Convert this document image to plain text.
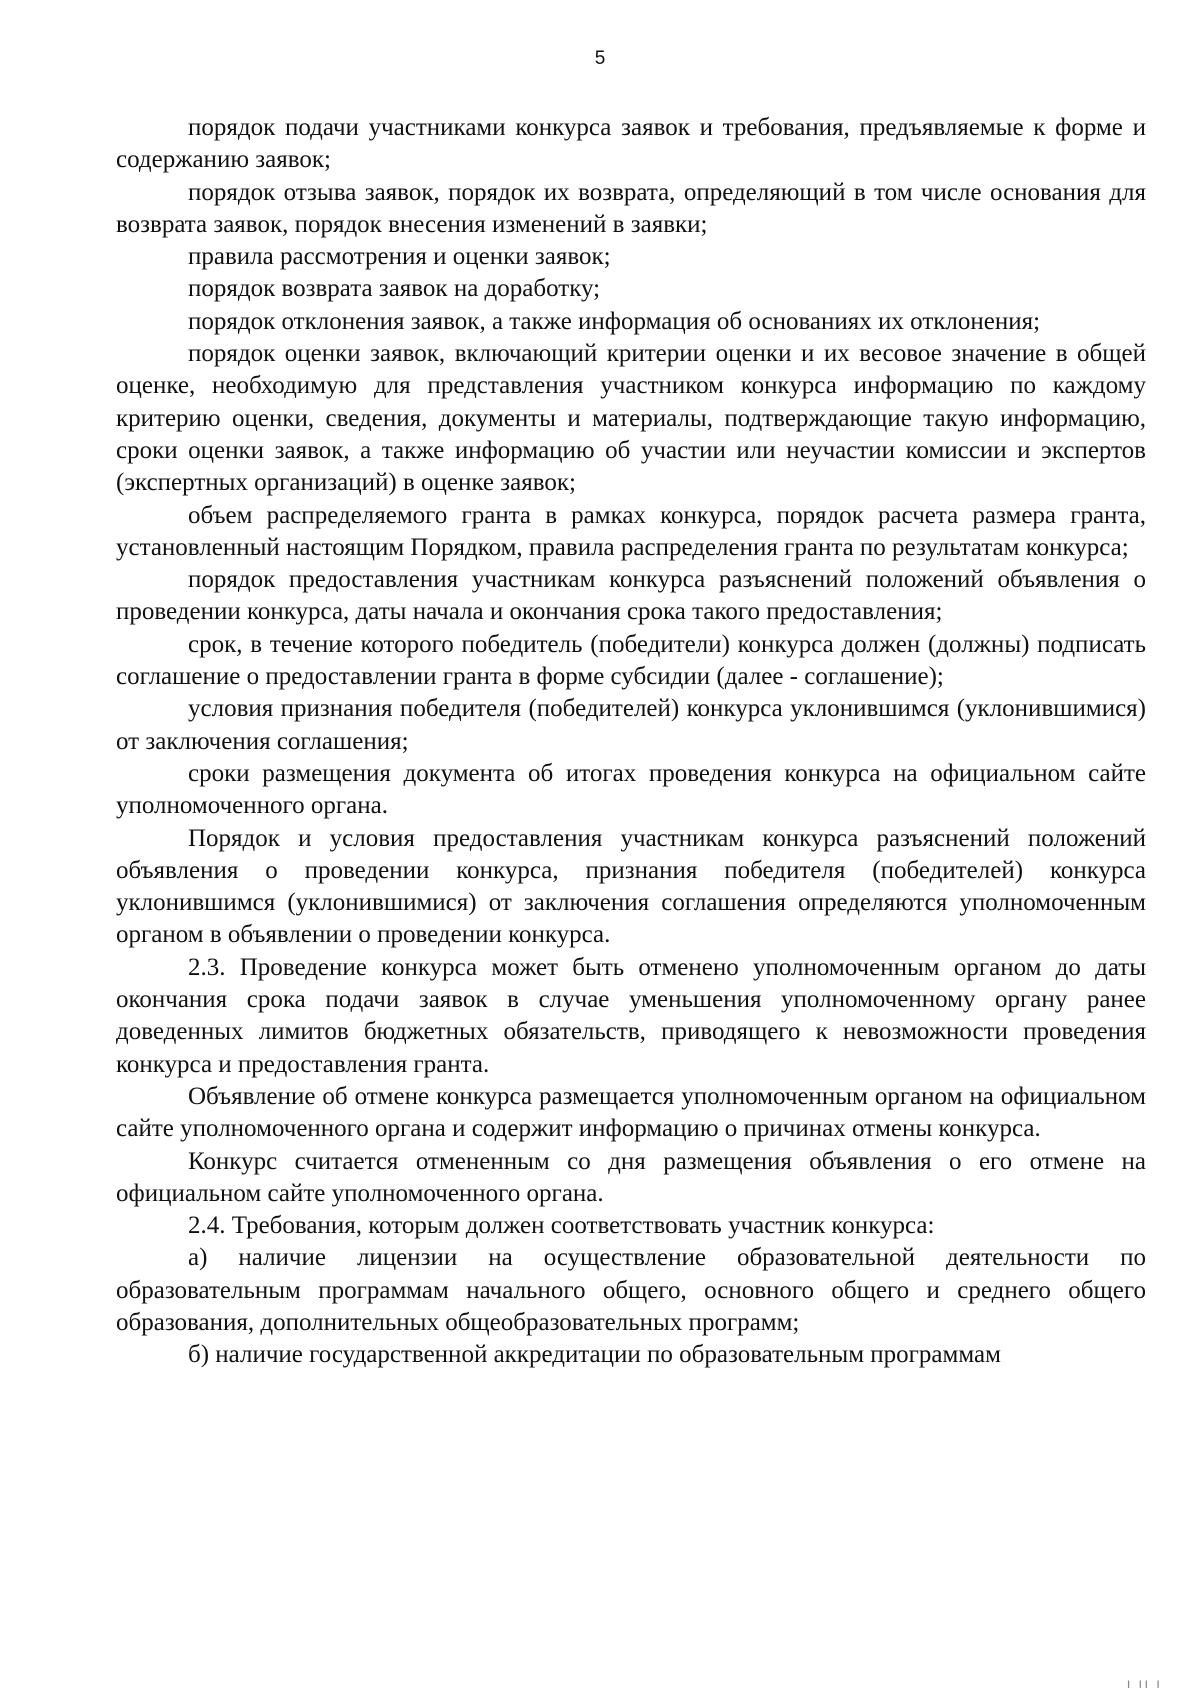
5

порядок подачи участниками конкурса заявок и требования, предъявляемые к форме и содержанию заявок;

порядок отзыва заявок, порядок их возврата, определяющий в том числе основания для возврата заявок, порядок внесения изменений в заявки;

правила рассмотрения и оценки заявок;

порядок возврата заявок на доработку;

порядок отклонения заявок, а также информация об основаниях их отклонения;

порядок оценки заявок, включающий критерии оценки и их весовое значение в общей оценке, необходимую для представления участником конкурса информацию по каждому критерию оценки, сведения, документы и материалы, подтверждающие такую информацию, сроки оценки заявок, а также информацию об участии или неучастии комиссии и экспертов (экспертных организаций) в оценке заявок;

объем распределяемого гранта в рамках конкурса, порядок расчета размера гранта, установленный настоящим Порядком, правила распределения гранта по результатам конкурса;

порядок предоставления участникам конкурса разъяснений положений объявления о проведении конкурса, даты начала и окончания срока такого предоставления;

срок, в течение которого победитель (победители) конкурса должен (должны) подписать соглашение о предоставлении гранта в форме субсидии (далее - соглашение);

условия признания победителя (победителей) конкурса уклонившимся (уклонившимися) от заключения соглашения;

сроки размещения документа об итогах проведения конкурса на официальном сайте уполномоченного органа.

Порядок и условия предоставления участникам конкурса разъяснений положений объявления о проведении конкурса, признания победителя (победителей) конкурса уклонившимся (уклонившимися) от заключения соглашения определяются уполномоченным органом в объявлении о проведении конкурса.

2.3. Проведение конкурса может быть отменено уполномоченным органом до даты окончания срока подачи заявок в случае уменьшения уполномоченному органу ранее доведенных лимитов бюджетных обязательств, приводящего к невозможности проведения конкурса и предоставления гранта.

Объявление об отмене конкурса размещается уполномоченным органом на официальном сайте уполномоченного органа и содержит информацию о причинах отмены конкурса.

Конкурс считается отмененным со дня размещения объявления о его отмене на официальном сайте уполномоченного органа.

2.4. Требования, которым должен соответствовать участник конкурса:

а) наличие лицензии на осуществление образовательной деятельности по образовательным программам начального общего, основного общего и среднего общего образования, дополнительных общеобразовательных программ;

б) наличие государственной аккредитации по образовательным программам

ı ıı ı
